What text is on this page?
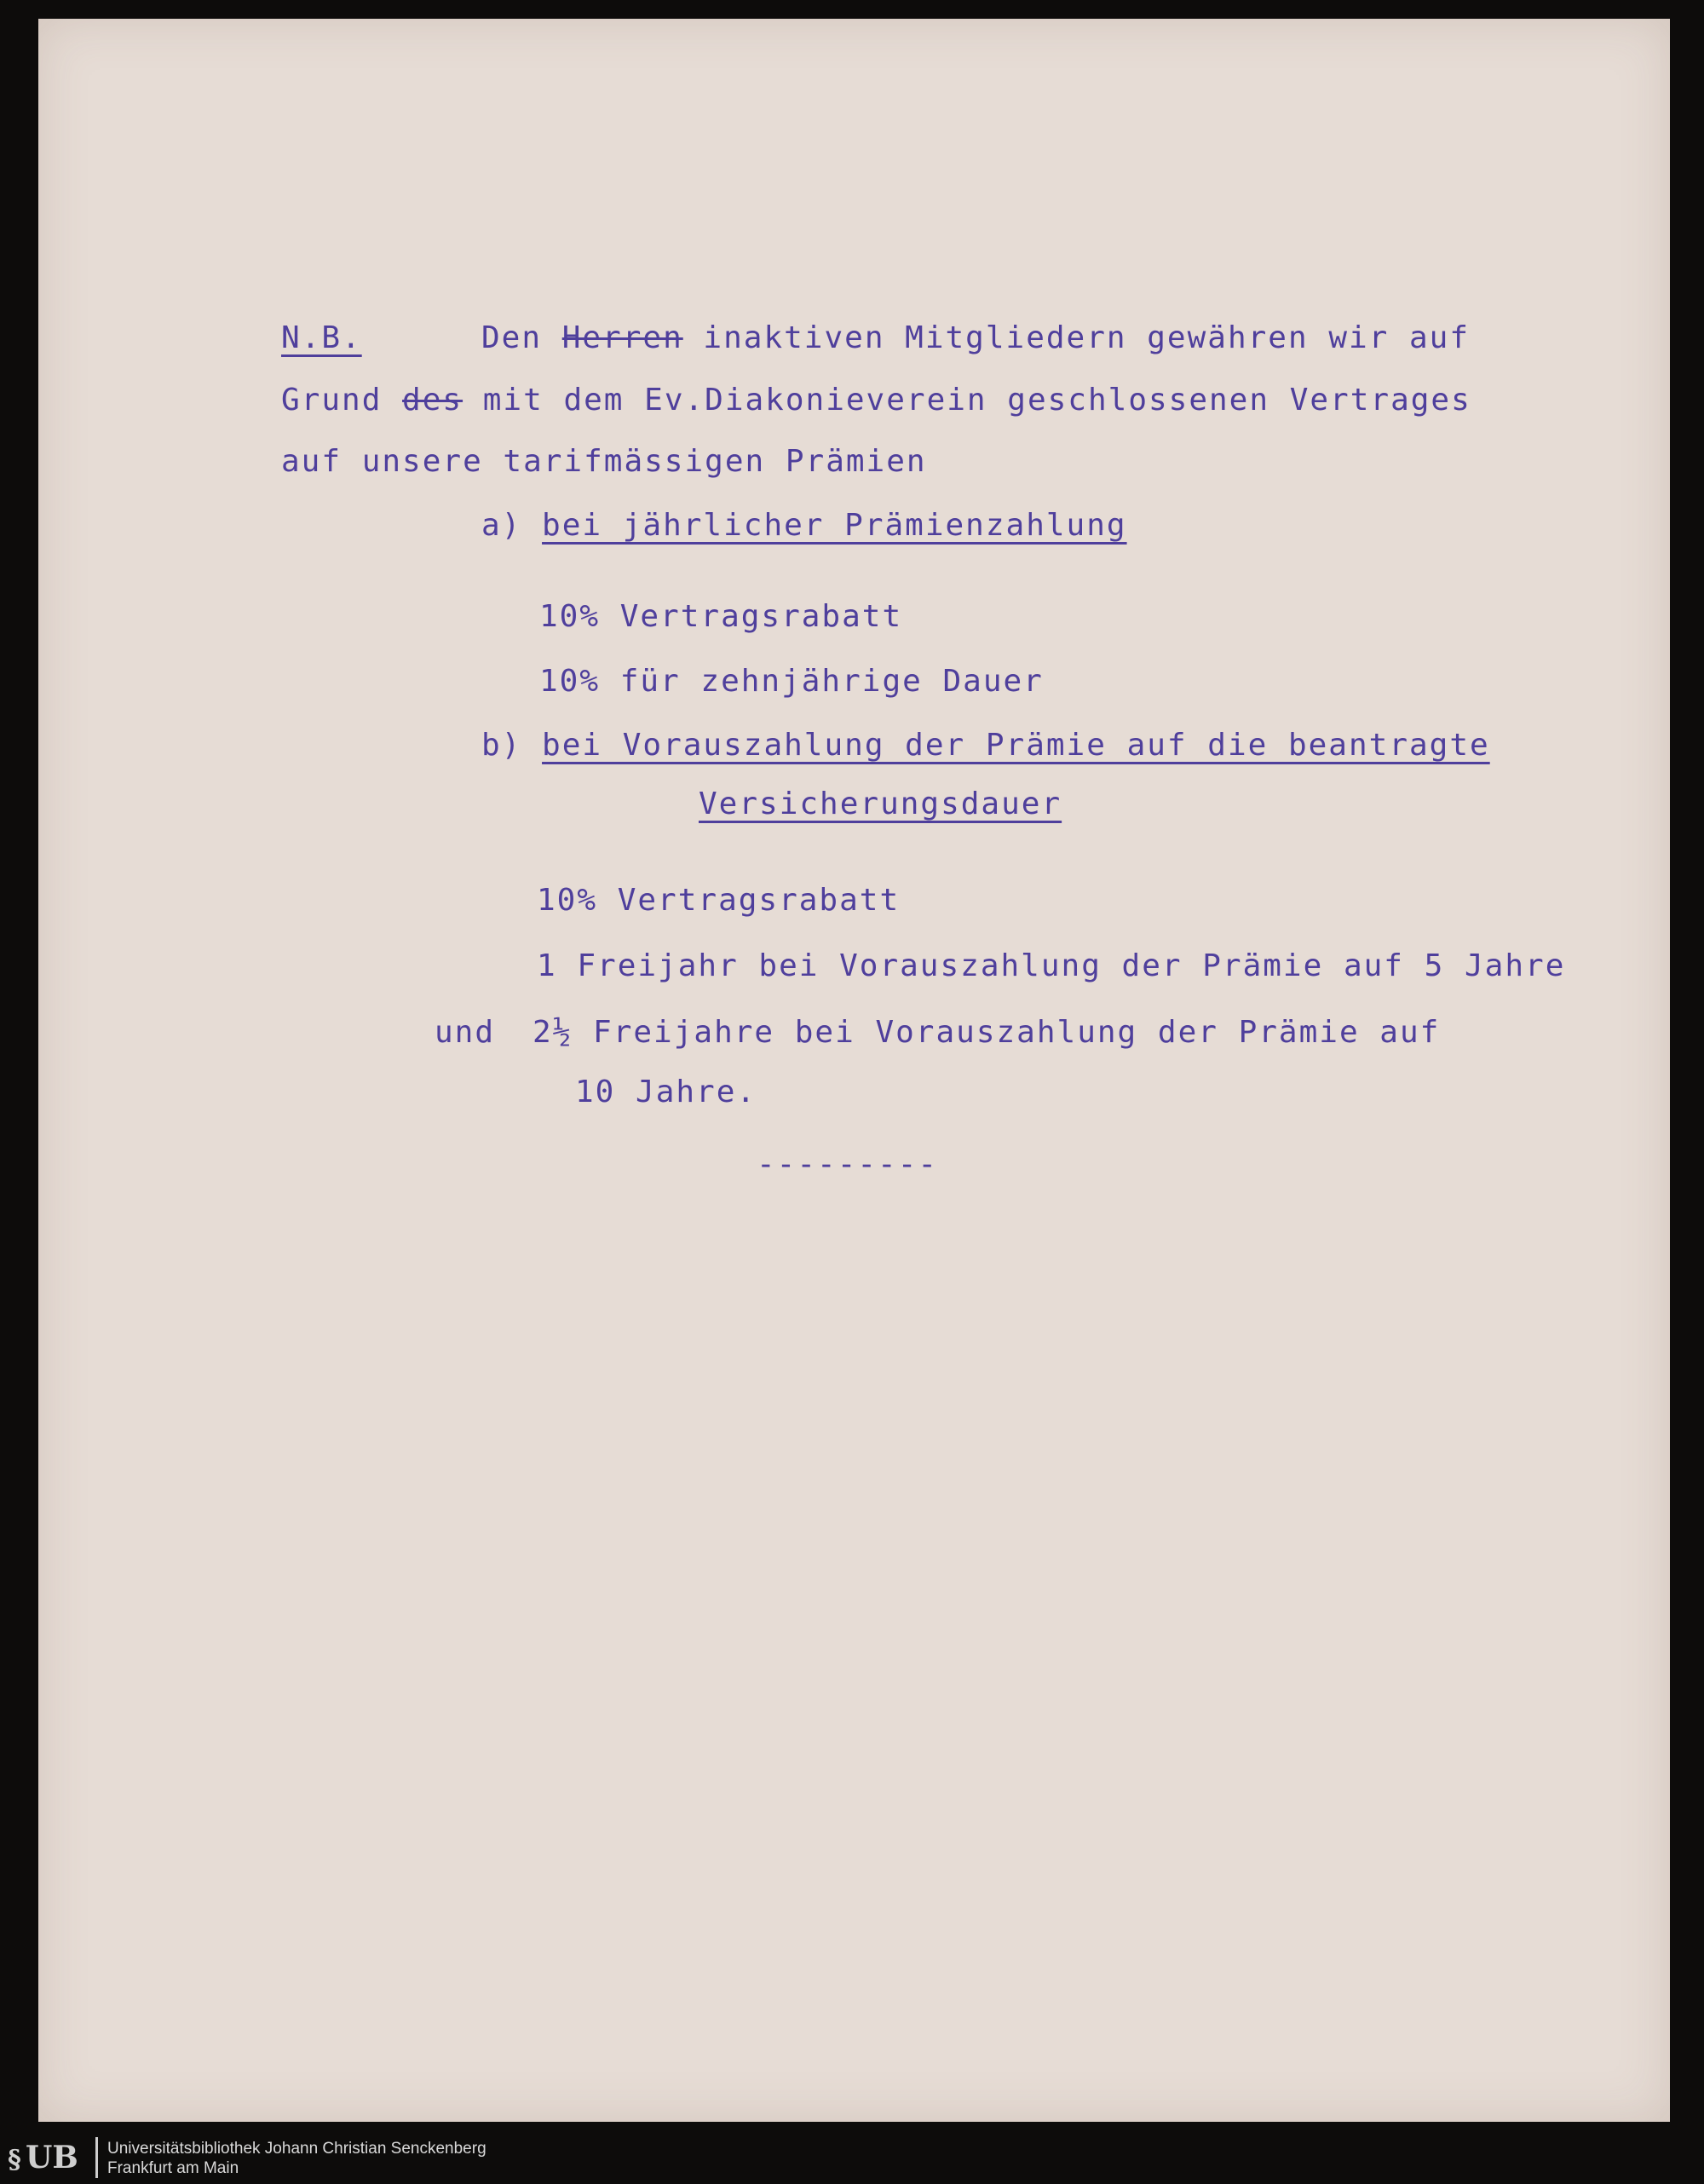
N.B.	Den Herren inaktiven Mitgliedern gewähren wir auf
Grund des mit dem Ev.Diakonieverein geschlossenen Vertrages
auf unsere tarifmässigen Prämien
a) bei jährlicher Prämienzahlung
10% Vertragsrabatt
10% für zehnjährige Dauer
b) bei Vorauszahlung der Prämie auf die beantragte
Versicherungsdauer
10% Vertragsrabatt
1 Freijahr bei Vorauszahlung der Prämie auf 5 Jahre
und 2½ Freijahre bei Vorauszahlung der Prämie auf
10 Jahre.
---------
§ UB	Universitätsbibliothek Johann Christian Senckenberg
Frankfurt am Main
